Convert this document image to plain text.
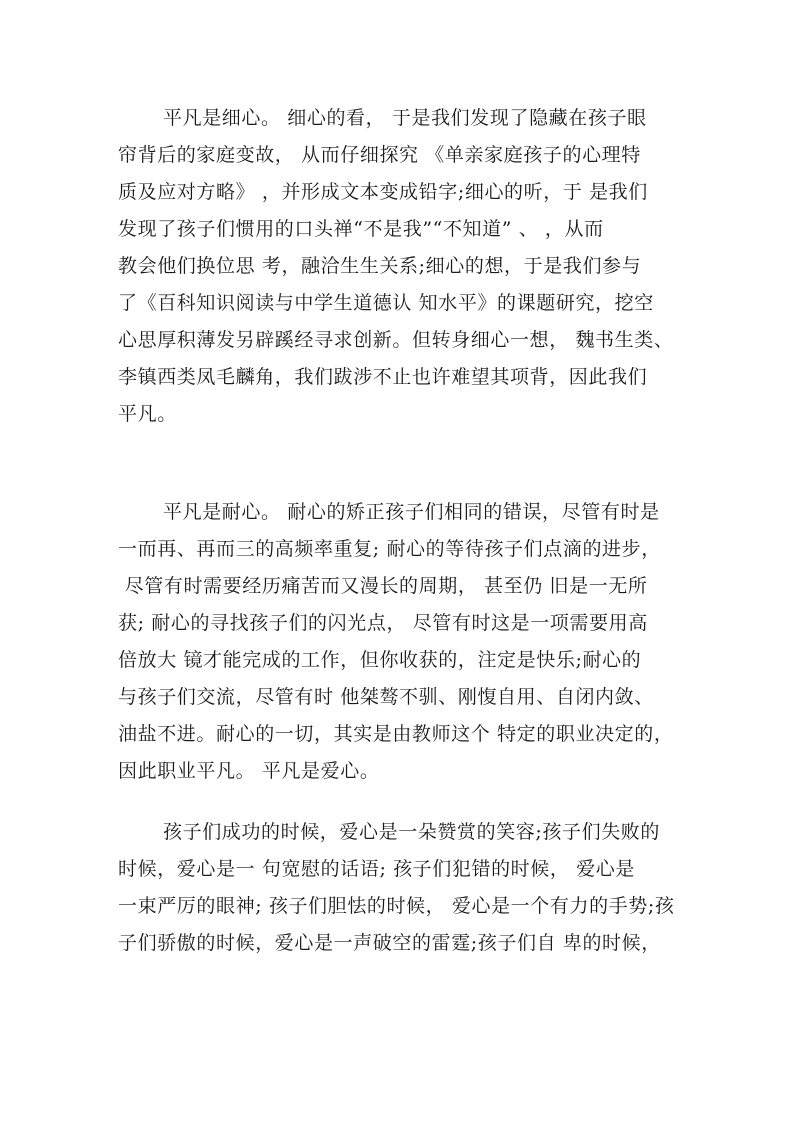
平凡是细心。 细心的看， 于是我们发现了隐藏在孩子眼
帘背后的家庭变故， 从而仔细探究 《单亲家庭孩子的心理特
质及应对方略》 ，并形成文本变成铅字;细心的听，于 是我们
发现了孩子们惯用的口头禅“不是我”“不知道” 、 ，从而
教会他们换位思 考，融洽生生关系;细心的想，于是我们参与
了《百科知识阅读与中学生道德认 知水平》的课题研究，挖空
心思厚积薄发另辟蹊经寻求创新。但转身细心一想， 魏书生类、
李镇西类凤毛麟角，我们跋涉不止也许难望其项背，因此我们
平凡。
平凡是耐心。 耐心的矫正孩子们相同的错误，尽管有时是
一而再、再而三的高频率重复; 耐心的等待孩子们点滴的进步，
尽管有时需要经历痛苦而又漫长的周期， 甚至仍 旧是一无所
获; 耐心的寻找孩子们的闪光点， 尽管有时这是一项需要用高
倍放大 镜才能完成的工作，但你收获的，注定是快乐;耐心的
与孩子们交流，尽管有时 他桀骜不驯、刚愎自用、自闭内敛、
油盐不进。耐心的一切，其实是由教师这个 特定的职业决定的，
因此职业平凡。 平凡是爱心。
孩子们成功的时候，爱心是一朵赞赏的笑容;孩子们失败的
时候，爱心是一 句宽慰的话语; 孩子们犯错的时候， 爱心是
一束严厉的眼神; 孩子们胆怯的时候， 爱心是一个有力的手势;孩
子们骄傲的时候，爱心是一声破空的雷霆;孩子们自 卑的时候，
